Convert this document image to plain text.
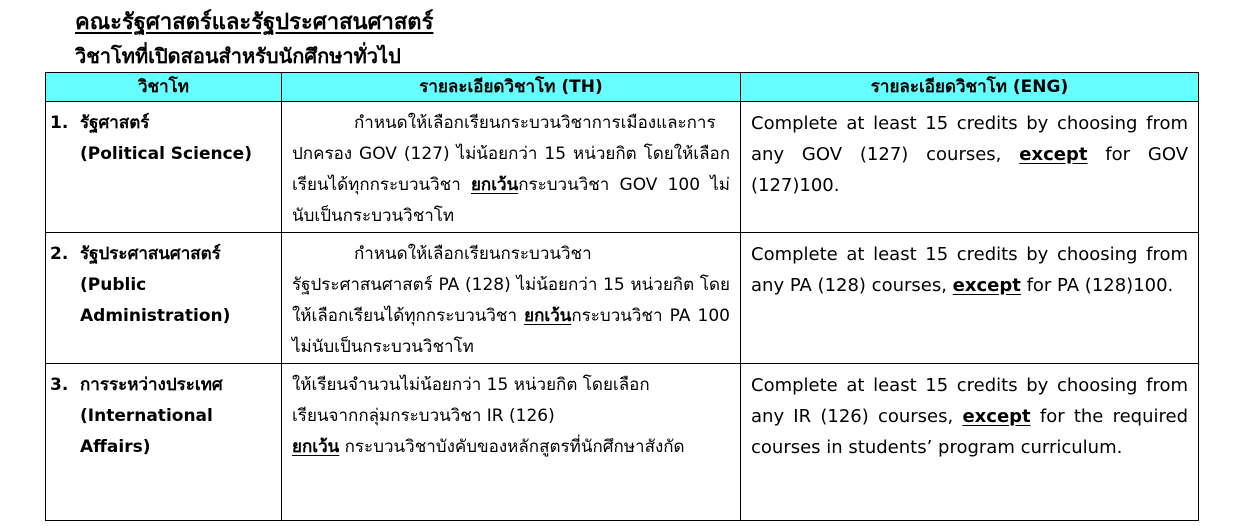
คณะรัฐศาสตร์และรัฐประศาสนศาสตร์
วิชาโทที่เปิดสอนสำหรับนักศึกษาทั่วไป
วิชาโท	รายละเอียดวิชาโท (TH)	รายละเอียดวิชาโท (ENG)

1. รัฐศาสตร์
(Political Science)	กำหนดให้เลือกเรียนกระบวนวิชาการเมืองและการปกครอง GOV (127) ไม่น้อยกว่า 15 หน่วยกิต โดยให้เลือกเรียนได้ทุกกระบวนวิชา ยกเว้นกระบวนวิชา GOV 100 ไม่นับเป็นกระบวนวิชาโท	Complete at least 15 credits by choosing from any GOV (127) courses, except for GOV (127)100.

2. รัฐประศาสนศาสตร์
(Public
Administration)	กำหนดให้เลือกเรียนกระบวนวิชารัฐประศาสนศาสตร์ PA (128) ไม่น้อยกว่า 15 หน่วยกิต โดยให้เลือกเรียนได้ทุกกระบวนวิชา ยกเว้นกระบวนวิชา PA 100 ไม่นับเป็นกระบวนวิชาโท	Complete at least 15 credits by choosing from any PA (128) courses, except for PA (128)100.

3. การระหว่างประเทศ
(International
Affairs)	ให้เรียนจำนวนไม่น้อยกว่า 15 หน่วยกิต โดยเลือก
เรียนจากกลุ่มกระบวนวิชา IR (126)
ยกเว้น กระบวนวิชาบังคับของหลักสูตรที่นักศึกษาสังกัด	Complete at least 15 credits by choosing from any IR (126) courses, except for the required courses in students’ program curriculum.
